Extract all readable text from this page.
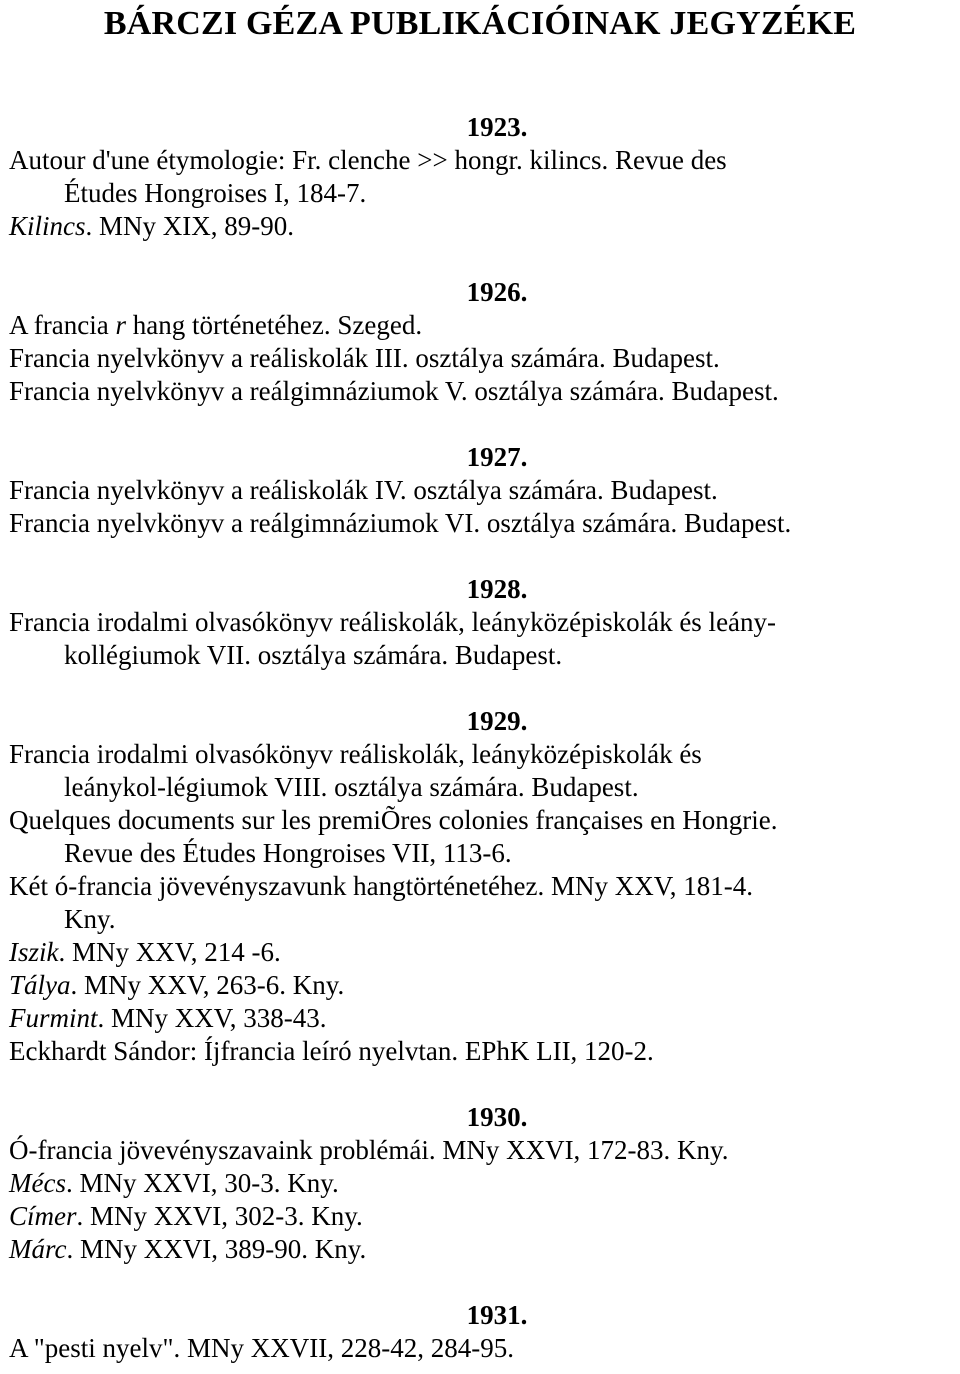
BÁRCZI GÉZA PUBLIKÁCIÓINAK JEGYZÉKE
1923.
Autour d'une étymologie: Fr. clenche >> hongr. kilincs. Revue des
Études Hongroises I, 184-7.
Kilincs. MNy XIX, 89-90.
1926.
A francia r hang történetéhez. Szeged.
Francia nyelvkönyv a reáliskolák III. osztálya számára. Budapest.
Francia nyelvkönyv a reálgimnáziumok V. osztálya számára. Budapest.
1927.
Francia nyelvkönyv a reáliskolák IV. osztálya számára. Budapest.
Francia nyelvkönyv a reálgimnáziumok VI. osztálya számára. Budapest.
1928.
Francia irodalmi olvasókönyv reáliskolák, leányközépiskolák és leány-
kollégiumok VII. osztálya számára. Budapest.
1929.
Francia irodalmi olvasókönyv reáliskolák, leányközépiskolák és
leánykol-légiumok VIII. osztálya számára. Budapest.
Quelques documents sur les premiÕres colonies françaises en Hongrie.
Revue des Études Hongroises VII, 113-6.
Két ó-francia jövevényszavunk hangtörténetéhez. MNy XXV, 181-4.
Kny.
Iszik. MNy XXV, 214 -6.
Tálya. MNy XXV, 263-6. Kny.
Furmint. MNy XXV, 338-43.
Eckhardt Sándor: Íjfrancia leíró nyelvtan. EPhK LII, 120-2.
1930.
Ó-francia jövevényszavaink problémái. MNy XXVI, 172-83. Kny.
Mécs. MNy XXVI, 30-3. Kny.
Címer. MNy XXVI, 302-3. Kny.
Márc. MNy XXVI, 389-90. Kny.
1931.
A "pesti nyelv". MNy XXVII, 228-42, 284-95.
